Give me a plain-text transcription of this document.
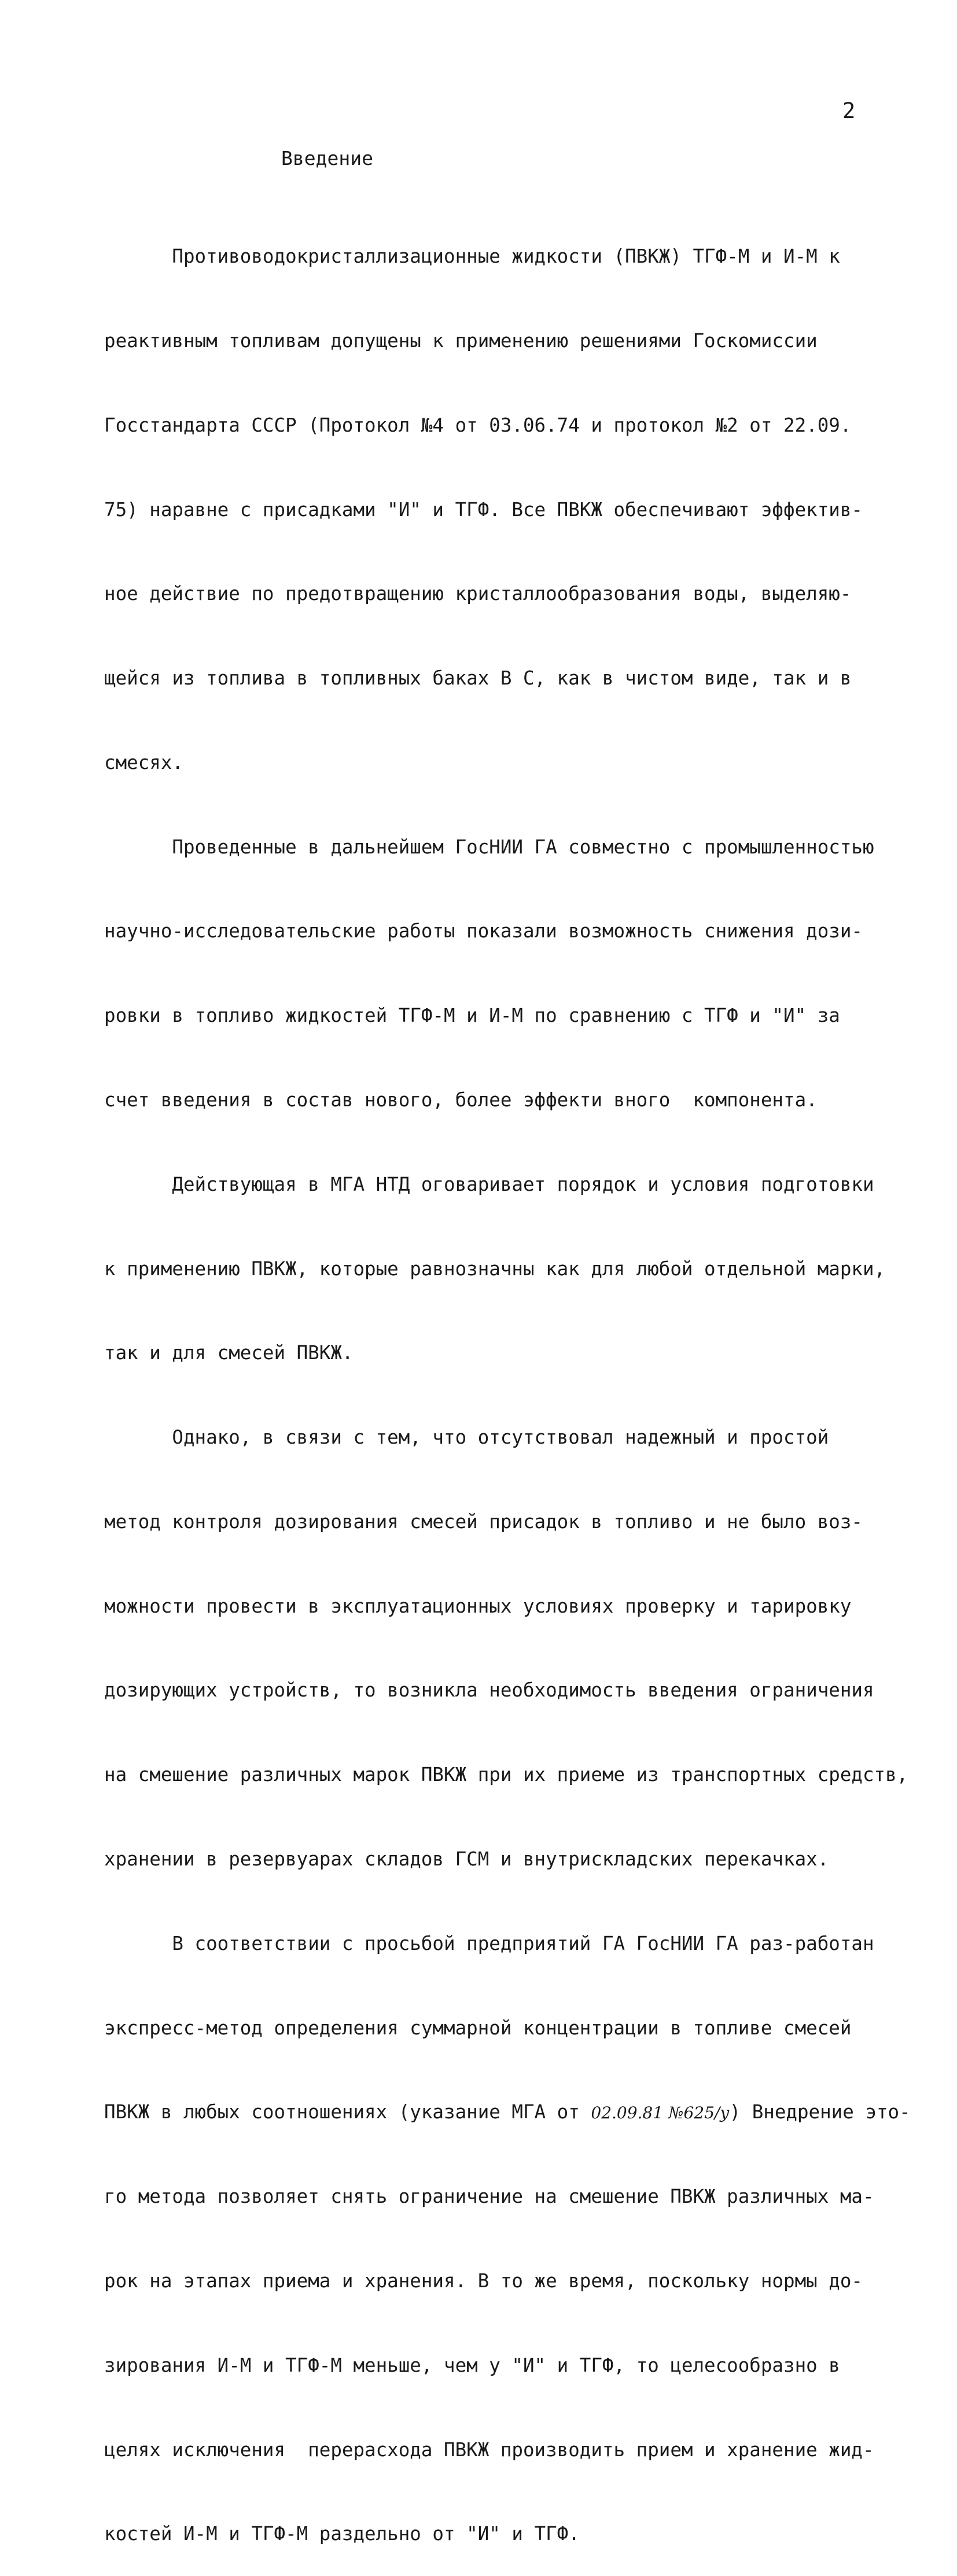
2
Введение

Противоводокристаллизационные жидкости (ПВКЖ) ТГФ-М и И-М к

реактивным топливам допущены к применению решениями Госкомиссии

Госстандарта СССР (Протокол №4 от 03.06.74 и протокол №2 от 22.09.

75) наравне с присадками "И" и ТГФ. Все ПВКЖ обеспечивают эффектив-

ное действие по предотвращению кристаллообразования воды, выделяю-

щейся из топлива в топливных баках В С, как в чистом виде, так и в

смесях.

Проведенные в дальнейшем ГосНИИ ГА совместно с промышленностью

научно-исследовательские работы показали возможность снижения дози-

ровки в топливо жидкостей ТГФ-М и И-М по сравнению с ТГФ и "И" за

счет введения в состав нового, более эффекти вного  компонента.

Действующая в МГА НТД оговаривает порядок и условия подготовки

к применению ПВКЖ, которые равнозначны как для любой отдельной марки,

так и для смесей ПВКЖ.

Однако, в связи с тем, что отсутствовал надежный и простой

метод контроля дозирования смесей присадок в топливо и не было воз-

можности провести в эксплуатационных условиях проверку и тарировку

дозирующих устройств, то возникла необходимость введения ограничения

на смешение различных марок ПВКЖ при их приеме из транспортных средств,

хранении в резервуарах складов ГСМ и внутрискладских перекачках.

В соответствии с просьбой предприятий ГА ГосНИИ ГА раз-работан

экспресс-метод определения суммарной концентрации в топливе смесей

ПВКЖ в любых соотношениях (указание МГА от 02.09.81 №625/у) Внедрение это-

го метода позволяет снять ограничение на смешение ПВКЖ различных ма-

рок на этапах приема и хранения. В то же время, поскольку нормы до-

зирования И-М и ТГФ-М меньше, чем у "И" и ТГФ, то целесообразно в

целях исключения  перерасхода ПВКЖ производить прием и хранение жид-

костей И-М и ТГФ-М раздельно от "И" и ТГФ.
